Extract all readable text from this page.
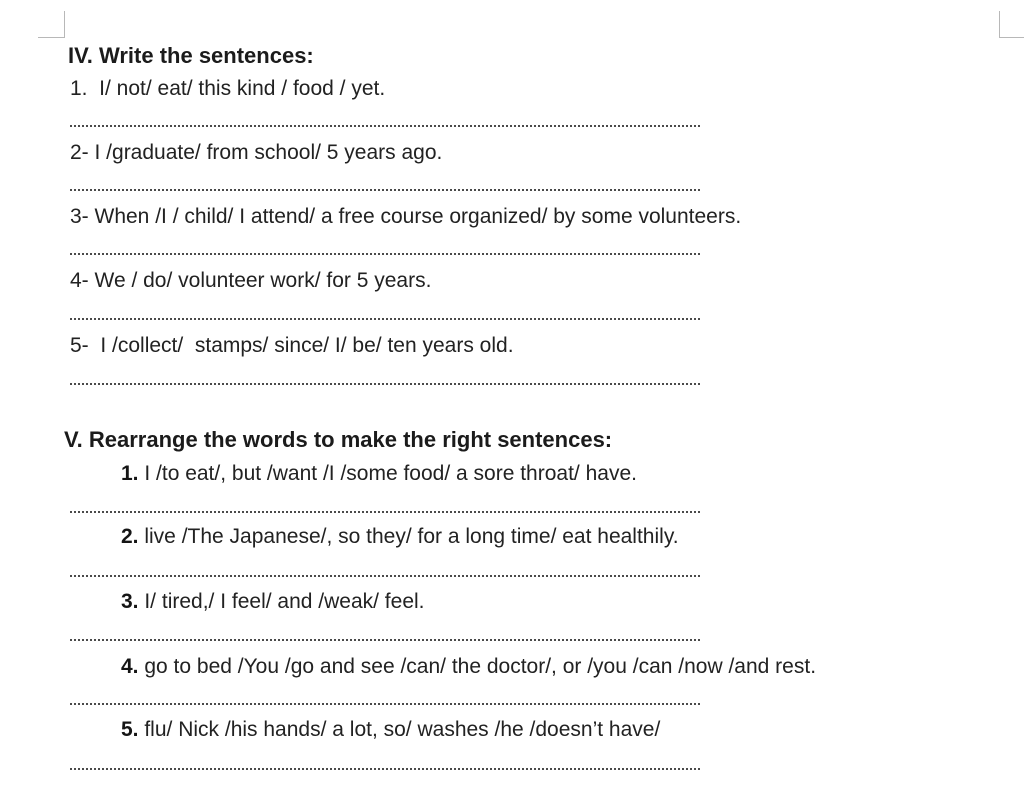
IV. Write the sentences:
1.  I/ not/ eat/ this kind / food / yet.
2- I /graduate/ from school/ 5 years ago.
3- When /I / child/ I attend/ a free course organized/ by some volunteers.
4- We / do/ volunteer work/ for 5 years.
5-  I /collect/  stamps/ since/ I/ be/ ten years old.
V. Rearrange the words to make the right sentences:
1. I /to eat/, but /want /I /some food/ a sore throat/ have.
2. live /The Japanese/, so they/ for a long time/ eat healthily.
3. I/ tired,/ I feel/ and /weak/ feel.
4. go to bed /You /go and see /can/ the doctor/, or /you /can /now /and rest.
5. flu/ Nick /his hands/ a lot, so/ washes /he /doesn’t have/
